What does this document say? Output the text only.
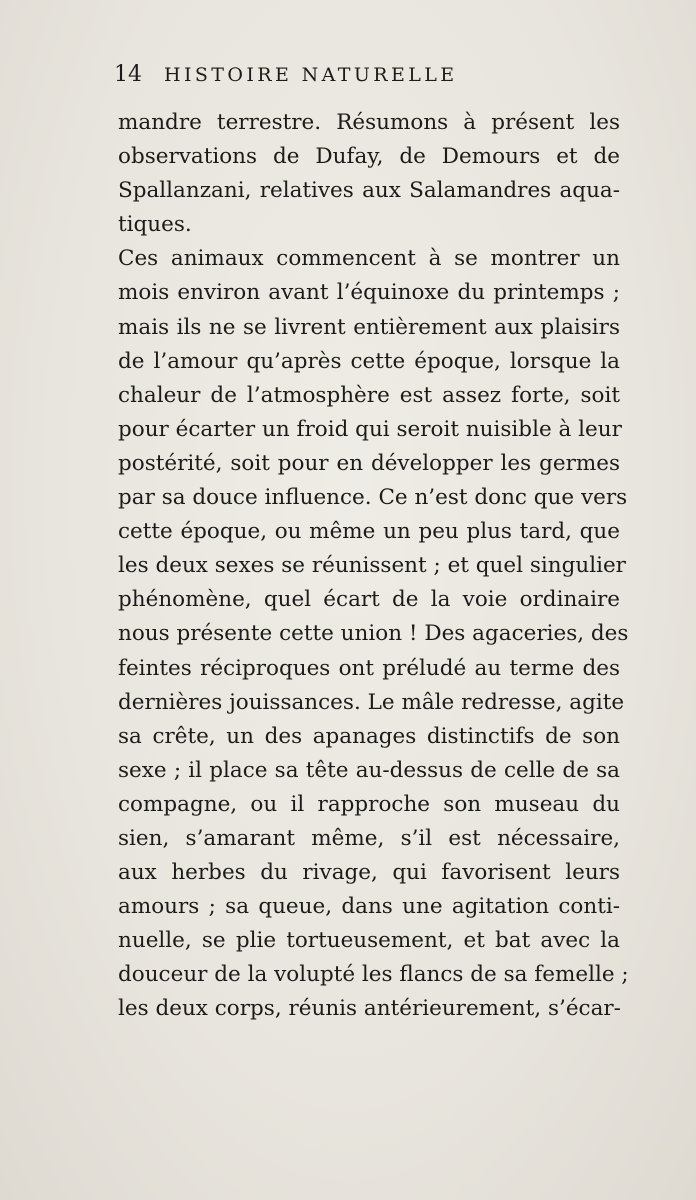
14 HISTOIRE NATURELLE
mandre terrestre. Résumons à présent les
observations de Dufay, de Demours et de
Spallanzani, relatives aux Salamandres aqua-
tiques.
Ces animaux commencent à se montrer un
mois environ avant l’équinoxe du printemps ;
mais ils ne se livrent entièrement aux plaisirs
de l’amour qu’après cette époque, lorsque la
chaleur de l’atmosphère est assez forte, soit
pour écarter un froid qui seroit nuisible à leur
postérité, soit pour en développer les germes
par sa douce influence. Ce n’est donc que vers
cette époque, ou même un peu plus tard, que
les deux sexes se réunissent ; et quel singulier
phénomène, quel écart de la voie ordinaire
nous présente cette union ! Des agaceries, des
feintes réciproques ont préludé au terme des
dernières jouissances. Le mâle redresse, agite
sa crête, un des apanages distinctifs de son
sexe ; il place sa tête au-dessus de celle de sa
compagne, ou il rapproche son museau du
sien, s’amarant même, s’il est nécessaire,
aux herbes du rivage, qui favorisent leurs
amours ; sa queue, dans une agitation conti-
nuelle, se plie tortueusement, et bat avec la
douceur de la volupté les flancs de sa femelle ;
les deux corps, réunis antérieurement, s’écar-
